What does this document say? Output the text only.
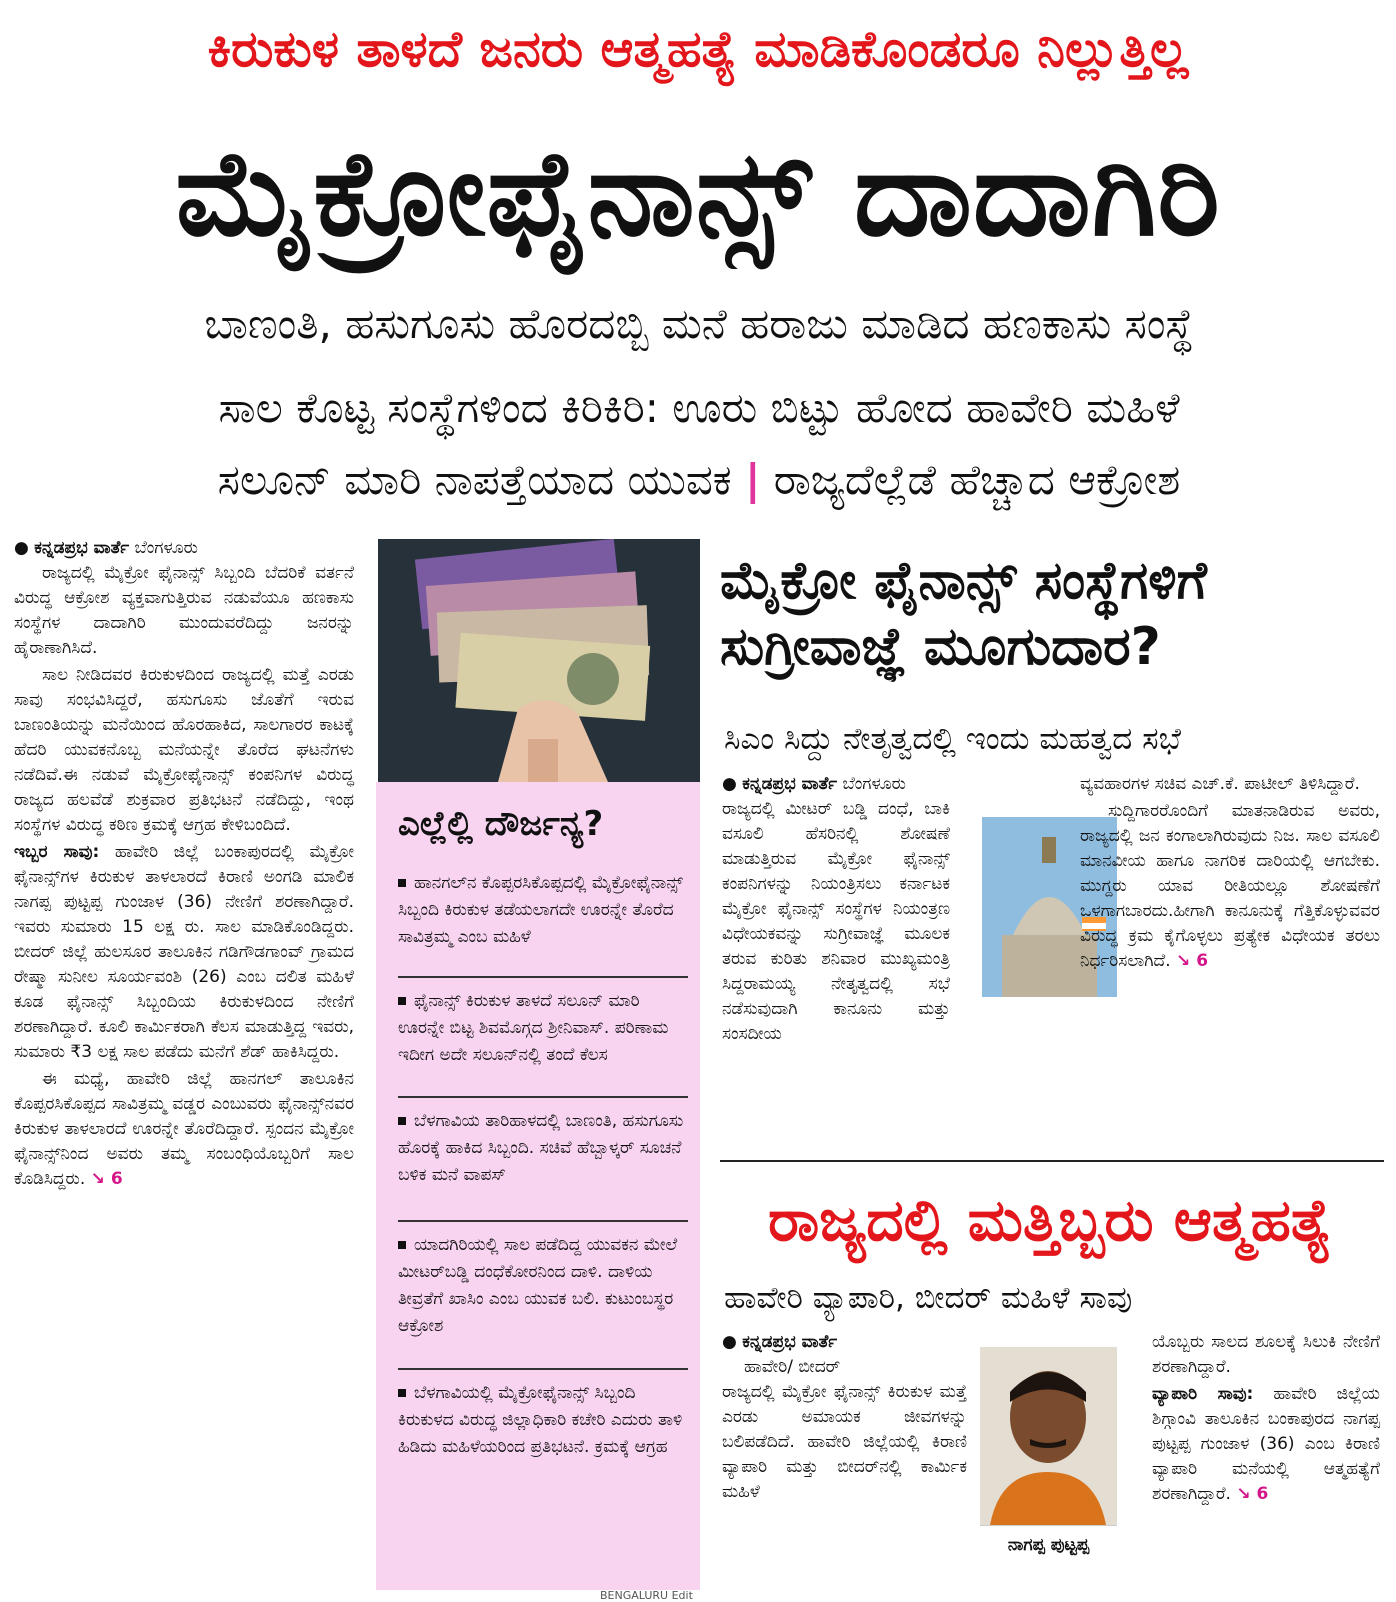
ಕಿರುಕುಳ ತಾಳದೆ ಜನರು ಆತ್ಮಹತ್ಯೆ ಮಾಡಿಕೊಂಡರೂ ನಿಲ್ಲುತ್ತಿಲ್ಲ
ಮೈಕ್ರೋಫೈನಾನ್ಸ್ ದಾದಾಗಿರಿ
ಬಾಣಂತಿ, ಹಸುಗೂಸು ಹೊರದಬ್ಬಿ ಮನೆ ಹರಾಜು ಮಾಡಿದ ಹಣಕಾಸು ಸಂಸ್ಥೆ
ಸಾಲ ಕೊಟ್ಟ ಸಂಸ್ಥೆಗಳಿಂದ ಕಿರಿಕಿರಿ: ಊರು ಬಿಟ್ಟು ಹೋದ ಹಾವೇರಿ ಮಹಿಳೆ
ಸಲೂನ್ ಮಾರಿ ನಾಪತ್ತೆಯಾದ ಯುವಕ | ರಾಜ್ಯದೆಲ್ಲೆಡೆ ಹೆಚ್ಚಾದ ಆಕ್ರೋಶ
● ಕನ್ನಡಪ್ರಭ ವಾರ್ತೆ ಬೆಂಗಳೂರು

ರಾಜ್ಯದಲ್ಲಿ ಮೈಕ್ರೋ ಫೈನಾನ್ಸ್ ಸಿಬ್ಬಂದಿ ಬೆದರಿಕೆ ವರ್ತನೆ ವಿರುದ್ಧ ಆಕ್ರೋಶ ವ್ಯಕ್ತವಾಗುತ್ತಿರುವ ನಡುವೆಯೂ ಹಣಕಾಸು ಸಂಸ್ಥೆಗಳ ದಾದಾಗಿರಿ ಮುಂದುವರೆದಿದ್ದು ಜನರನ್ನು ಹೈರಾಣಾಗಿಸಿದೆ.

ಸಾಲ ನೀಡಿದವರ ಕಿರುಕುಳದಿಂದ ರಾಜ್ಯದಲ್ಲಿ ಮತ್ತೆ ಎರಡು ಸಾವು ಸಂಭವಿಸಿದ್ದರೆ, ಹಸುಗೂಸು ಜೊತೆಗೆ ಇರುವ ಬಾಣಂತಿಯನ್ನು ಮನೆಯಿಂದ ಹೊರಹಾಕಿದ, ಸಾಲಗಾರರ ಕಾಟಕ್ಕೆ ಹೆದರಿ ಯುವಕನೊಬ್ಬ ಮನೆಯನ್ನೇ ತೊರೆದ ಘಟನೆಗಳು ನಡೆದಿವೆ.ಈ ನಡುವೆ ಮೈಕ್ರೋಫೈನಾನ್ಸ್ ಕಂಪನಿಗಳ ವಿರುದ್ಧ ರಾಜ್ಯದ ಹಲವೆಡೆ ಶುಕ್ರವಾರ ಪ್ರತಿಭಟನೆ ನಡೆದಿದ್ದು, ಇಂಥ ಸಂಸ್ಥೆಗಳ ವಿರುದ್ಧ ಕಠಿಣ ಕ್ರಮಕ್ಕೆ ಆಗ್ರಹ ಕೇಳಿಬಂದಿದೆ.

ಇಬ್ಬರ ಸಾವು: ಹಾವೇರಿ ಜಿಲ್ಲೆ ಬಂಕಾಪುರದಲ್ಲಿ ಮೈಕ್ರೋ ಫೈನಾನ್ಸ್‌ಗಳ ಕಿರುಕುಳ ತಾಳಲಾರದೆ ಕಿರಾಣಿ ಅಂಗಡಿ ಮಾಲಿಕ ನಾಗಪ್ಪ ಪುಟ್ಟಪ್ಪ ಗುಂಜಾಳ (36) ನೇಣಿಗೆ ಶರಣಾಗಿದ್ದಾರೆ. ಇವರು ಸುಮಾರು 15 ಲಕ್ಷ ರು. ಸಾಲ ಮಾಡಿಕೊಂಡಿದ್ದರು. ಬೀದರ್ ಜಿಲ್ಲೆ ಹುಲಸೂರ ತಾಲೂಕಿನ ಗಡಿಗೌಡಗಾಂವ್ ಗ್ರಾಮದ ರೇಷ್ಮಾ ಸುನೀಲ ಸೂರ್ಯವಂಶಿ (26) ಎಂಬ ದಲಿತ ಮಹಿಳೆ ಕೂಡ ಫೈನಾನ್ಸ್ ಸಿಬ್ಬಂದಿಯ ಕಿರುಕುಳದಿಂದ ನೇಣಿಗೆ ಶರಣಾಗಿದ್ದಾರೆ. ಕೂಲಿ ಕಾರ್ಮಿಕರಾಗಿ ಕೆಲಸ ಮಾಡುತ್ತಿದ್ದ ಇವರು, ಸುಮಾರು ₹3 ಲಕ್ಷ ಸಾಲ ಪಡೆದು ಮನೆಗೆ ಶೆಡ್ ಹಾಕಿಸಿದ್ದರು.

ಈ ಮಧ್ಯೆ, ಹಾವೇರಿ ಜಿಲ್ಲೆ ಹಾನಗಲ್ ತಾಲೂಕಿನ ಕೊಪ್ಪರಸಿಕೊಪ್ಪದ ಸಾವಿತ್ರಮ್ಮ ವಡ್ಡರ ಎಂಬುವರು ಫೈನಾನ್ಸ್‌ನವರ ಕಿರುಕುಳ ತಾಳಲಾರದೆ ಊರನ್ನೇ ತೊರೆದಿದ್ದಾರೆ. ಸ್ಪಂದನ ಮೈಕ್ರೋ ಫೈನಾನ್ಸ್‌ನಿಂದ ಅವರು ತಮ್ಮ ಸಂಬಂಧಿಯೊಬ್ಬರಿಗೆ ಸಾಲ ಕೊಡಿಸಿದ್ದರು. ↘ 6

ಎಲ್ಲೆಲ್ಲಿ ದೌರ್ಜನ್ಯ?
ಹಾನಗಲ್‌ನ ಕೊಪ್ಪರಸಿಕೊಪ್ಪದಲ್ಲಿ ಮೈಕ್ರೋಫೈನಾನ್ಸ್ ಸಿಬ್ಬಂದಿ ಕಿರುಕುಳ ತಡೆಯಲಾಗದೇ ಊರನ್ನೇ ತೊರೆದ ಸಾವಿತ್ರಮ್ಮ ಎಂಬ ಮಹಿಳೆ
ಫೈನಾನ್ಸ್ ಕಿರುಕುಳ ತಾಳದೆ ಸಲೂನ್ ಮಾರಿ ಊರನ್ನೇ ಬಿಟ್ಟ ಶಿವಮೊಗ್ಗದ ಶ್ರೀನಿವಾಸ್. ಪರಿಣಾಮ ಇದೀಗ ಅದೇ ಸಲೂನ್‌ನಲ್ಲಿ ತಂದೆ ಕೆಲಸ
ಬೆಳಗಾವಿಯ ತಾರಿಹಾಳದಲ್ಲಿ ಬಾಣಂತಿ, ಹಸುಗೂಸು ಹೊರಕ್ಕೆ ಹಾಕಿದ ಸಿಬ್ಬಂದಿ. ಸಚಿವೆ ಹೆಬ್ಬಾಳ್ಕರ್ ಸೂಚನೆ ಬಳಿಕ ಮನೆ ವಾಪಸ್
ಯಾದಗಿರಿಯಲ್ಲಿ ಸಾಲ ಪಡೆದಿದ್ದ ಯುವಕನ ಮೇಲೆ ಮೀಟರ್‌ಬಡ್ಡಿ ದಂಧೆಕೋರನಿಂದ ದಾಳಿ. ದಾಳಿಯ ತೀವ್ರತೆಗೆ ಖಾಸಿಂ ಎಂಬ ಯುವಕ ಬಲಿ. ಕುಟುಂಬಸ್ಥರ ಆಕ್ರೋಶ
ಬೆಳಗಾವಿಯಲ್ಲಿ ಮೈಕ್ರೋಫೈನಾನ್ಸ್ ಸಿಬ್ಬಂದಿ ಕಿರುಕುಳದ ವಿರುದ್ಧ ಜಿಲ್ಲಾಧಿಕಾರಿ ಕಚೇರಿ ಎದುರು ತಾಳಿ ಹಿಡಿದು ಮಹಿಳೆಯರಿಂದ ಪ್ರತಿಭಟನೆ. ಕ್ರಮಕ್ಕೆ ಆಗ್ರಹ
ಮೈಕ್ರೋ ಫೈನಾನ್ಸ್ ಸಂಸ್ಥೆಗಳಿಗೆ
ಸುಗ್ರೀವಾಜ್ಞೆ ಮೂಗುದಾರ?
ಸಿಎಂ ಸಿದ್ದು ನೇತೃತ್ವದಲ್ಲಿ ಇಂದು ಮಹತ್ವದ ಸಭೆ
● ಕನ್ನಡಪ್ರಭ ವಾರ್ತೆ ಬೆಂಗಳೂರು
ರಾಜ್ಯದಲ್ಲಿ ಮೀಟರ್ ಬಡ್ಡಿ ದಂಧೆ, ಬಾಕಿ ವಸೂಲಿ ಹೆಸರಿನಲ್ಲಿ ಶೋಷಣೆ ಮಾಡುತ್ತಿರುವ ಮೈಕ್ರೋ ಫೈನಾನ್ಸ್ ಕಂಪನಿಗಳನ್ನು ನಿಯಂತ್ರಿಸಲು ಕರ್ನಾಟಕ ಮೈಕ್ರೋ ಫೈನಾನ್ಸ್ ಸಂಸ್ಥೆಗಳ ನಿಯಂತ್ರಣ ವಿಧೇಯಕವನ್ನು ಸುಗ್ರೀವಾಜ್ಞೆ ಮೂಲಕ ತರುವ ಕುರಿತು ಶನಿವಾರ ಮುಖ್ಯಮಂತ್ರಿ ಸಿದ್ದರಾಮಯ್ಯ ನೇತೃತ್ವದಲ್ಲಿ ಸಭೆ ನಡೆಸುವುದಾಗಿ ಕಾನೂನು ಮತ್ತು ಸಂಸದೀಯ

ವ್ಯವಹಾರಗಳ ಸಚಿವ ಎಚ್.ಕೆ. ಪಾಟೀಲ್ ತಿಳಿಸಿದ್ದಾರೆ.

ಸುದ್ದಿಗಾರರೊಂದಿಗೆ ಮಾತನಾಡಿರುವ ಅವರು, ರಾಜ್ಯದಲ್ಲಿ ಜನ ಕಂಗಾಲಾಗಿರುವುದು ನಿಜ. ಸಾಲ ವಸೂಲಿ ಮಾನವೀಯ ಹಾಗೂ ನಾಗರಿಕ ದಾರಿಯಲ್ಲಿ ಆಗಬೇಕು. ಮುಗ್ದರು ಯಾವ ರೀತಿಯಲ್ಲೂ ಶೋಷಣೆಗೆ ಒಳಗಾಗಬಾರದು.ಹೀಗಾಗಿ ಕಾನೂನುಕ್ಕೆ ಗೆತ್ತಿಕೊಳ್ಳುವವರ ವಿರುದ್ಧ ಕ್ರಮ ಕೈಗೊಳ್ಳಲು ಪ್ರತ್ಯೇಕ ವಿಧೇಯಕ ತರಲು ನಿರ್ಧರಿಸಲಾಗಿದೆ. ↘ 6

ರಾಜ್ಯದಲ್ಲಿ ಮತ್ತಿಬ್ಬರು ಆತ್ಮಹತ್ಯೆ
ಹಾವೇರಿ ವ್ಯಾಪಾರಿ, ಬೀದರ್ ಮಹಿಳೆ ಸಾವು
● ಕನ್ನಡಪ್ರಭ ವಾರ್ತೆ
ಹಾವೇರಿ/ ಬೀದರ್
ರಾಜ್ಯದಲ್ಲಿ ಮೈಕ್ರೋ ಫೈನಾನ್ಸ್ ಕಿರುಕುಳ ಮತ್ತೆ ಎರಡು ಅಮಾಯಕ ಜೀವಗಳನ್ನು ಬಲಿಪಡೆದಿದೆ. ಹಾವೇರಿ ಜಿಲ್ಲೆಯಲ್ಲಿ ಕಿರಾಣಿ ವ್ಯಾಪಾರಿ ಮತ್ತು ಬೀದರ್‌ನಲ್ಲಿ ಕಾರ್ಮಿಕ ಮಹಿಳೆ
ನಾಗಪ್ಪ ಪುಟ್ಟಪ್ಪ

ಯೊಬ್ಬರು ಸಾಲದ ಶೂಲಕ್ಕೆ ಸಿಲುಕಿ ನೇಣಿಗೆ ಶರಣಾಗಿದ್ದಾರೆ.

ವ್ಯಾಪಾರಿ ಸಾವು: ಹಾವೇರಿ ಜಿಲ್ಲೆಯ ಶಿಗ್ಗಾಂವಿ ತಾಲೂಕಿನ ಬಂಕಾಪುರದ ನಾಗಪ್ಪ ಪುಟ್ಟಪ್ಪ ಗುಂಜಾಳ (36) ಎಂಬ ಕಿರಾಣಿ ವ್ಯಾಪಾರಿ ಮನೆಯಲ್ಲಿ ಆತ್ಮಹತ್ಯೆಗೆ ಶರಣಾಗಿದ್ದಾರೆ. ↘ 6

BENGALURU Edit
